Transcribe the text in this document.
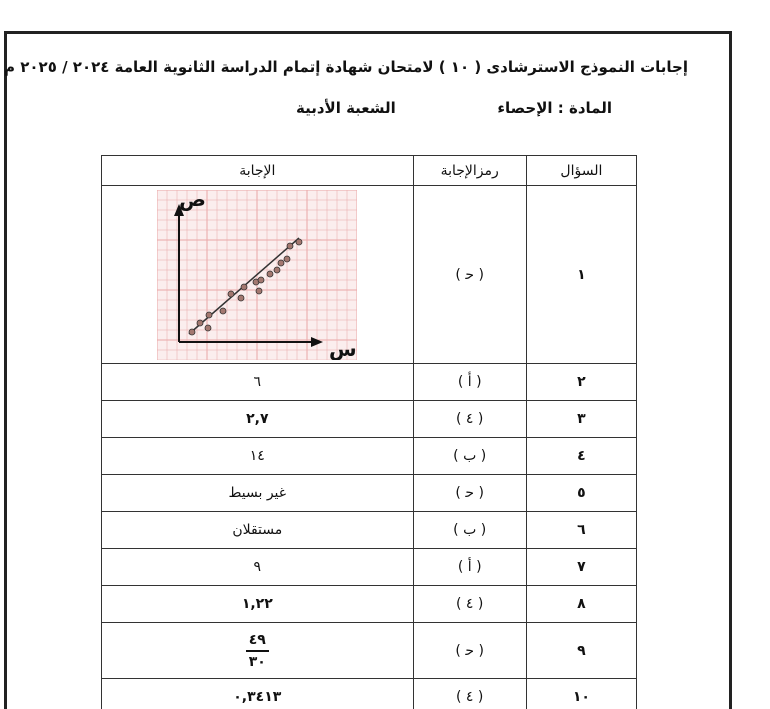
إجابات النموذج الاسترشادى ( ١٠ ) لامتحان شهادة إتمام الدراسة الثانوية العامة ٢٠٢٤ / ٢٠٢٥ م
المادة : الإحصاء
الشعبة الأدبية
الإجابة	رمزالإجابة	السؤال

ص
س	( ﺣ )	١
٦	( ﺃ )	٢
٢,٧	( ٤ )	٣
١٤	( ب )	٤
غير بسيط	( ﺣ )	٥
مستقلان	( ب )	٦
٩	( أ )	٧
١,٢٢	( ٤ )	٨

$\frac{٤٩}{٣٠}$	( ﺣ )	٩
٠,٣٤١٣	( ٤ )	١٠
